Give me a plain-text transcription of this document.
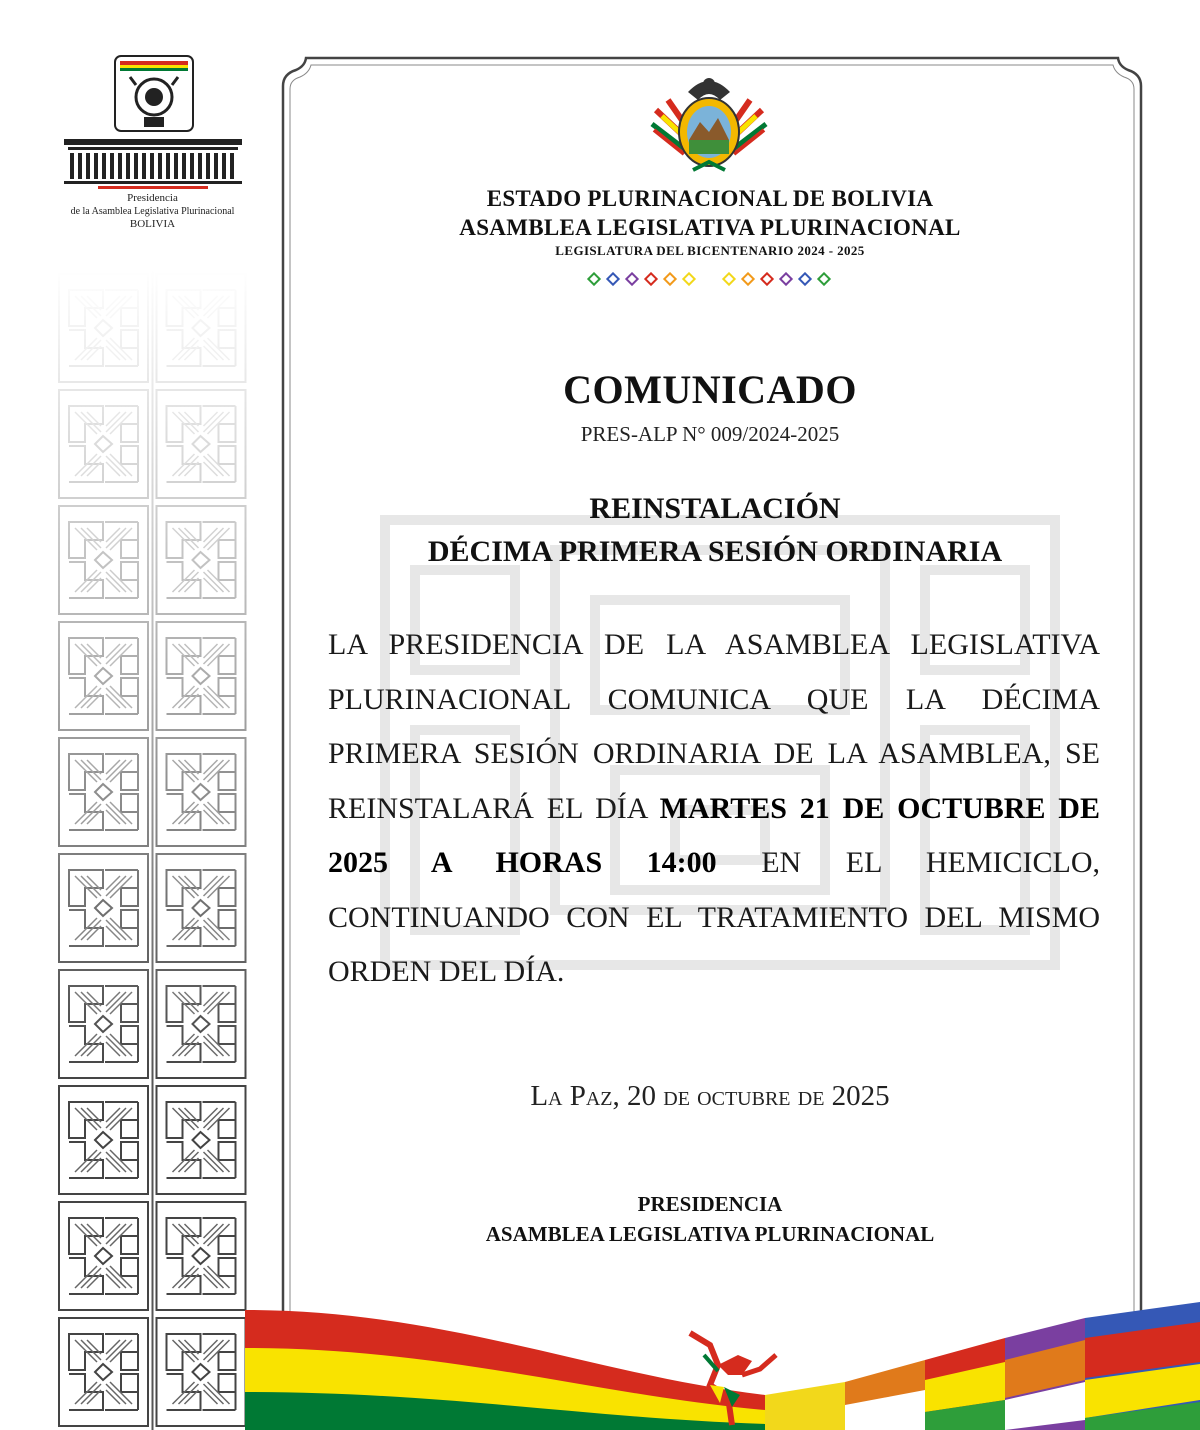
Presidencia
de la Asamblea Legislativa Plurinacional
BOLIVIA
ESTADO PLURINACIONAL DE BOLIVIA
ASAMBLEA LEGISLATIVA PLURINACIONAL
LEGISLATURA DEL BICENTENARIO 2024 - 2025
COMUNICADO
PRES-ALP N° 009/2024-2025
REINSTALACIÓN
DÉCIMA PRIMERA SESIÓN ORDINARIA
LA PRESIDENCIA DE LA ASAMBLEA LEGISLATIVA PLURINACIONAL COMUNICA QUE LA DÉCIMA PRIMERA SESIÓN ORDINARIA DE LA ASAMBLEA, SE REINSTALARÁ EL DÍA MARTES 21 DE OCTUBRE DE 2025 A HORAS 14:00 EN EL HEMICICLO, CONTINUANDO CON EL TRATAMIENTO DEL MISMO ORDEN DEL DÍA.
La Paz, 20 de octubre de 2025
PRESIDENCIA
ASAMBLEA LEGISLATIVA PLURINACIONAL
